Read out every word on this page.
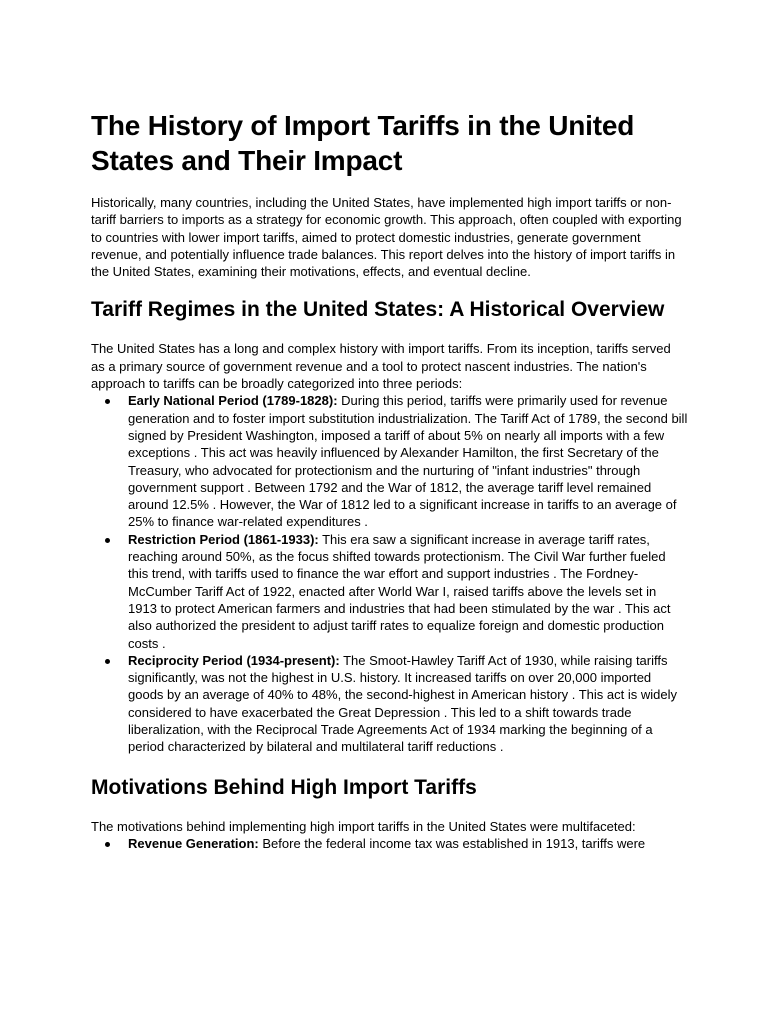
The History of Import Tariffs in the United States and Their Impact

Historically, many countries, including the United States, have implemented high import tariffs or non-tariff barriers to imports as a strategy for economic growth. This approach, often coupled with exporting to countries with lower import tariffs, aimed to protect domestic industries, generate government revenue, and potentially influence trade balances. This report delves into the history of import tariffs in the United States, examining their motivations, effects, and eventual decline.

Tariff Regimes in the United States: A Historical Overview

The United States has a long and complex history with import tariffs. From its inception, tariffs served as a primary source of government revenue and a tool to protect nascent industries. The nation's approach to tariffs can be broadly categorized into three periods:

Early National Period (1789-1828): During this period, tariffs were primarily used for revenue generation and to foster import substitution industrialization. The Tariff Act of 1789, the second bill signed by President Washington, imposed a tariff of about 5% on nearly all imports with a few exceptions . This act was heavily influenced by Alexander Hamilton, the first Secretary of the Treasury, who advocated for protectionism and the nurturing of "infant industries" through government support . Between 1792 and the War of 1812, the average tariff level remained around 12.5% . However, the War of 1812 led to a significant increase in tariffs to an average of 25% to finance war-related expenditures .
Restriction Period (1861-1933): This era saw a significant increase in average tariff rates, reaching around 50%, as the focus shifted towards protectionism. The Civil War further fueled this trend, with tariffs used to finance the war effort and support industries . The Fordney-McCumber Tariff Act of 1922, enacted after World War I, raised tariffs above the levels set in 1913 to protect American farmers and industries that had been stimulated by the war . This act also authorized the president to adjust tariff rates to equalize foreign and domestic production costs .
Reciprocity Period (1934-present): The Smoot-Hawley Tariff Act of 1930, while raising tariffs significantly, was not the highest in U.S. history. It increased tariffs on over 20,000 imported goods by an average of 40% to 48%, the second-highest in American history . This act is widely considered to have exacerbated the Great Depression . This led to a shift towards trade liberalization, with the Reciprocal Trade Agreements Act of 1934 marking the beginning of a period characterized by bilateral and multilateral tariff reductions .
Motivations Behind High Import Tariffs

The motivations behind implementing high import tariffs in the United States were multifaceted:

Revenue Generation: Before the federal income tax was established in 1913, tariffs were
